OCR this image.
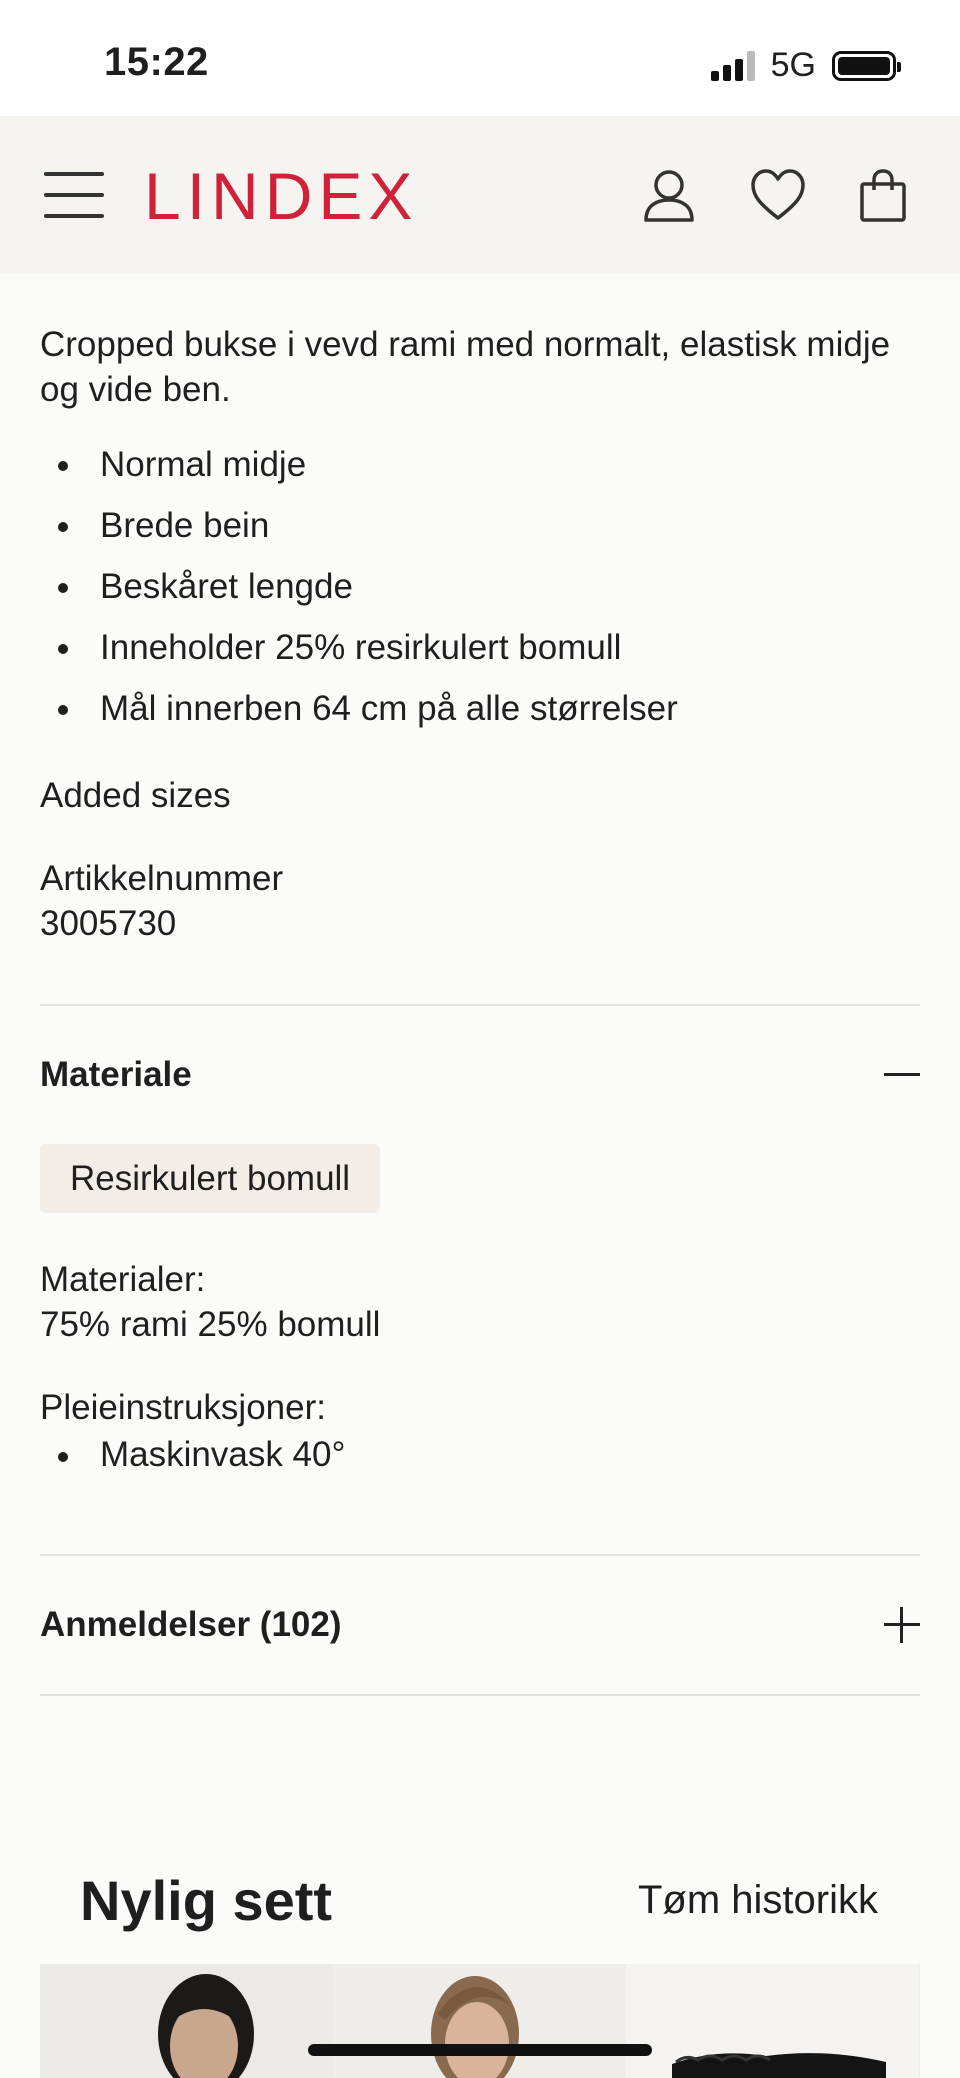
15:22	5G
LINDEX

Cropped bukse i vevd rami med normalt, elastisk midje og vide ben.

Normal midje
Brede bein
Beskåret lengde
Inneholder 25% resirkulert bomull
Mål innerben 64 cm på alle størrelser

Added sizes

Artikkelnummer
3005730
Materiale
Resirkulert bomull
Materialer:
75% rami 25% bomull
Pleieinstruksjoner:
Maskinvask 40°
Anmeldelser (102)
Nylig sett	Tøm historikk
